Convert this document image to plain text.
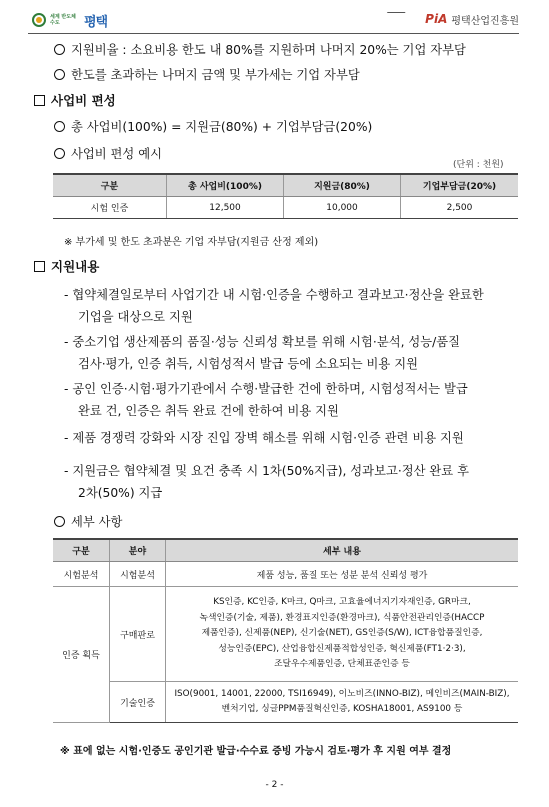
세계 반도체 수도	평택	PiA 평택산업진흥원
지원비율 : 소요비용 한도 내 80%를 지원하며 나머지 20%는 기업 자부담
한도를 초과하는 나머지 금액 및 부가세는 기업 자부담
사업비 편성
총 사업비(100%) = 지원금(80%) + 기업부담금(20%)
사업비 편성 예시
(단위 : 천원)
구분	총 사업비(100%)	지원금(80%)	기업부담금(20%)
시험 인증	12,500	10,000	2,500
※ 부가세 및 한도 초과분은 기업 자부담(지원금 산정 제외)
지원내용
- 협약체결일로부터 사업기간 내 시험·인증을 수행하고 결과보고·정산을 완료한
기업을 대상으로 지원
- 중소기업 생산제품의 품질·성능 신뢰성 확보를 위해 시험·분석, 성능/품질
검사·평가, 인증 취득, 시험성적서 발급 등에 소요되는 비용 지원
- 공인 인증·시험·평가기관에서 수행·발급한 건에 한하며, 시험성적서는 발급
완료 건, 인증은 취득 완료 건에 한하여 비용 지원
- 제품 경쟁력 강화와 시장 진입 장벽 해소를 위해 시험·인증 관련 비용 지원
- 지원금은 협약체결 및 요건 충족 시 1차(50%지급), 성과보고·정산 완료 후
2차(50%) 지급
세부 사항
구분	분야	세부 내용
시험분석	시험분석	제품 성능, 품질 또는 성분 분석 신뢰성 평가
인증 획득	구매판로	KS인증, KC인증, K마크, Q마크, 고효율에너지기자재인증, GR마크,
녹색인증(기술, 제품), 환경표지인증(환경마크), 식품안전관리인증(HACCP
제품인증), 신제품(NEP), 신기술(NET), GS인증(S/W), ICT융합품질인증,
성능인증(EPC), 산업융합신제품적합성인증, 혁신제품(FT1·2·3),
조달우수제품인증, 단체표준인증 등

	기술인증	ISO(9001, 14001, 22000, TSI16949), 이노비즈(INNO-BIZ), 메인비즈(MAIN-BIZ),
벤처기업, 싱글PPM품질혁신인증, KOSHA18001, AS9100 등
※ 표에 없는 시험·인증도 공인기관 발급·수수료 증빙 가능시 검토·평가 후 지원 여부 결정
- 2 -
